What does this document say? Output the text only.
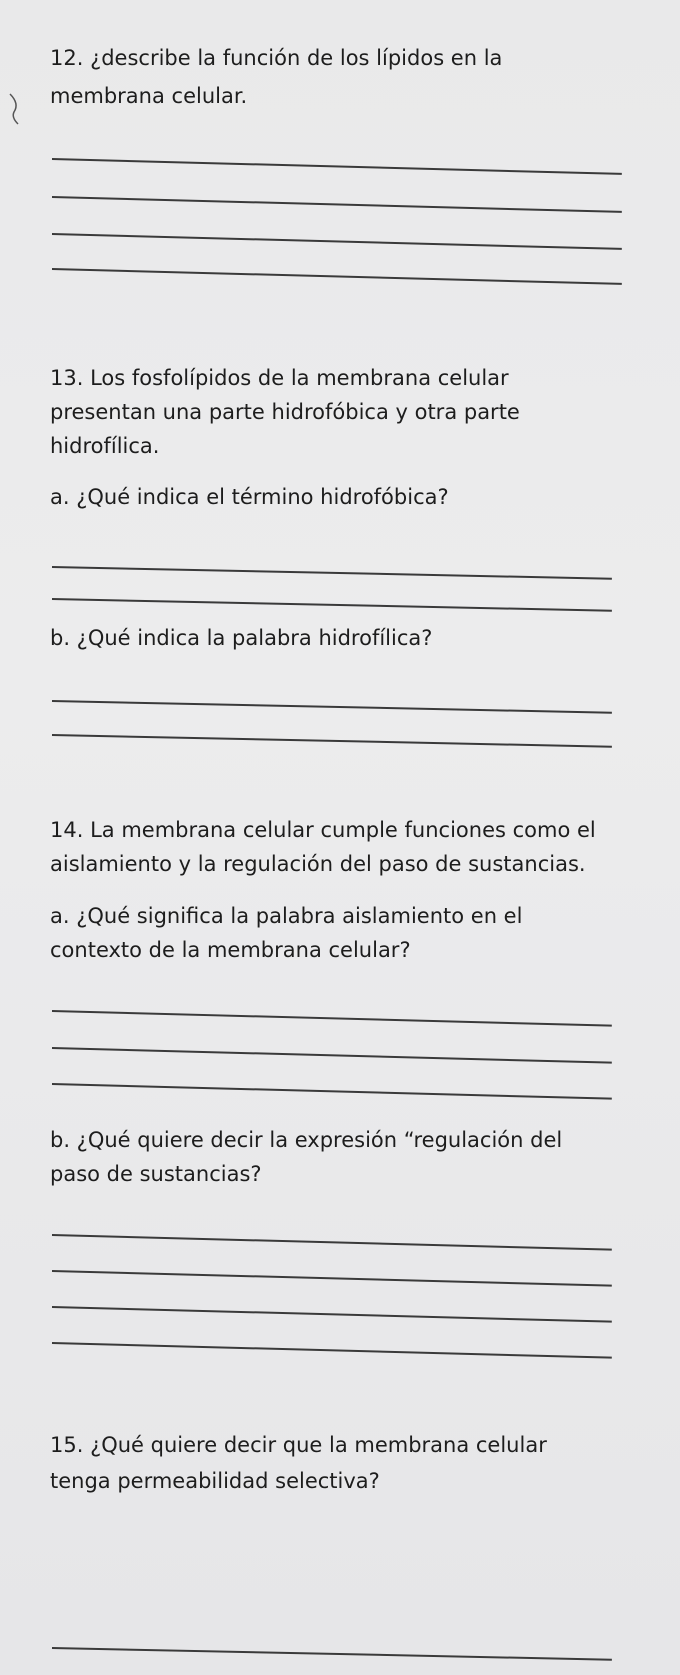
12. ¿describe la función de los lípidos en la
membrana celular.
13. Los fosfolípidos de la membrana celular
presentan una parte hidrofóbica y otra parte
hidrofílica.
a. ¿Qué indica el término hidrofóbica?
b. ¿Qué indica la palabra hidrofílica?
14. La membrana celular cumple funciones como el
aislamiento y la regulación del paso de sustancias.
a. ¿Qué significa la palabra aislamiento en el
contexto de la membrana celular?
b. ¿Qué quiere decir la expresión “regulación del
paso de sustancias?
15. ¿Qué quiere decir que la membrana celular
tenga permeabilidad selectiva?
